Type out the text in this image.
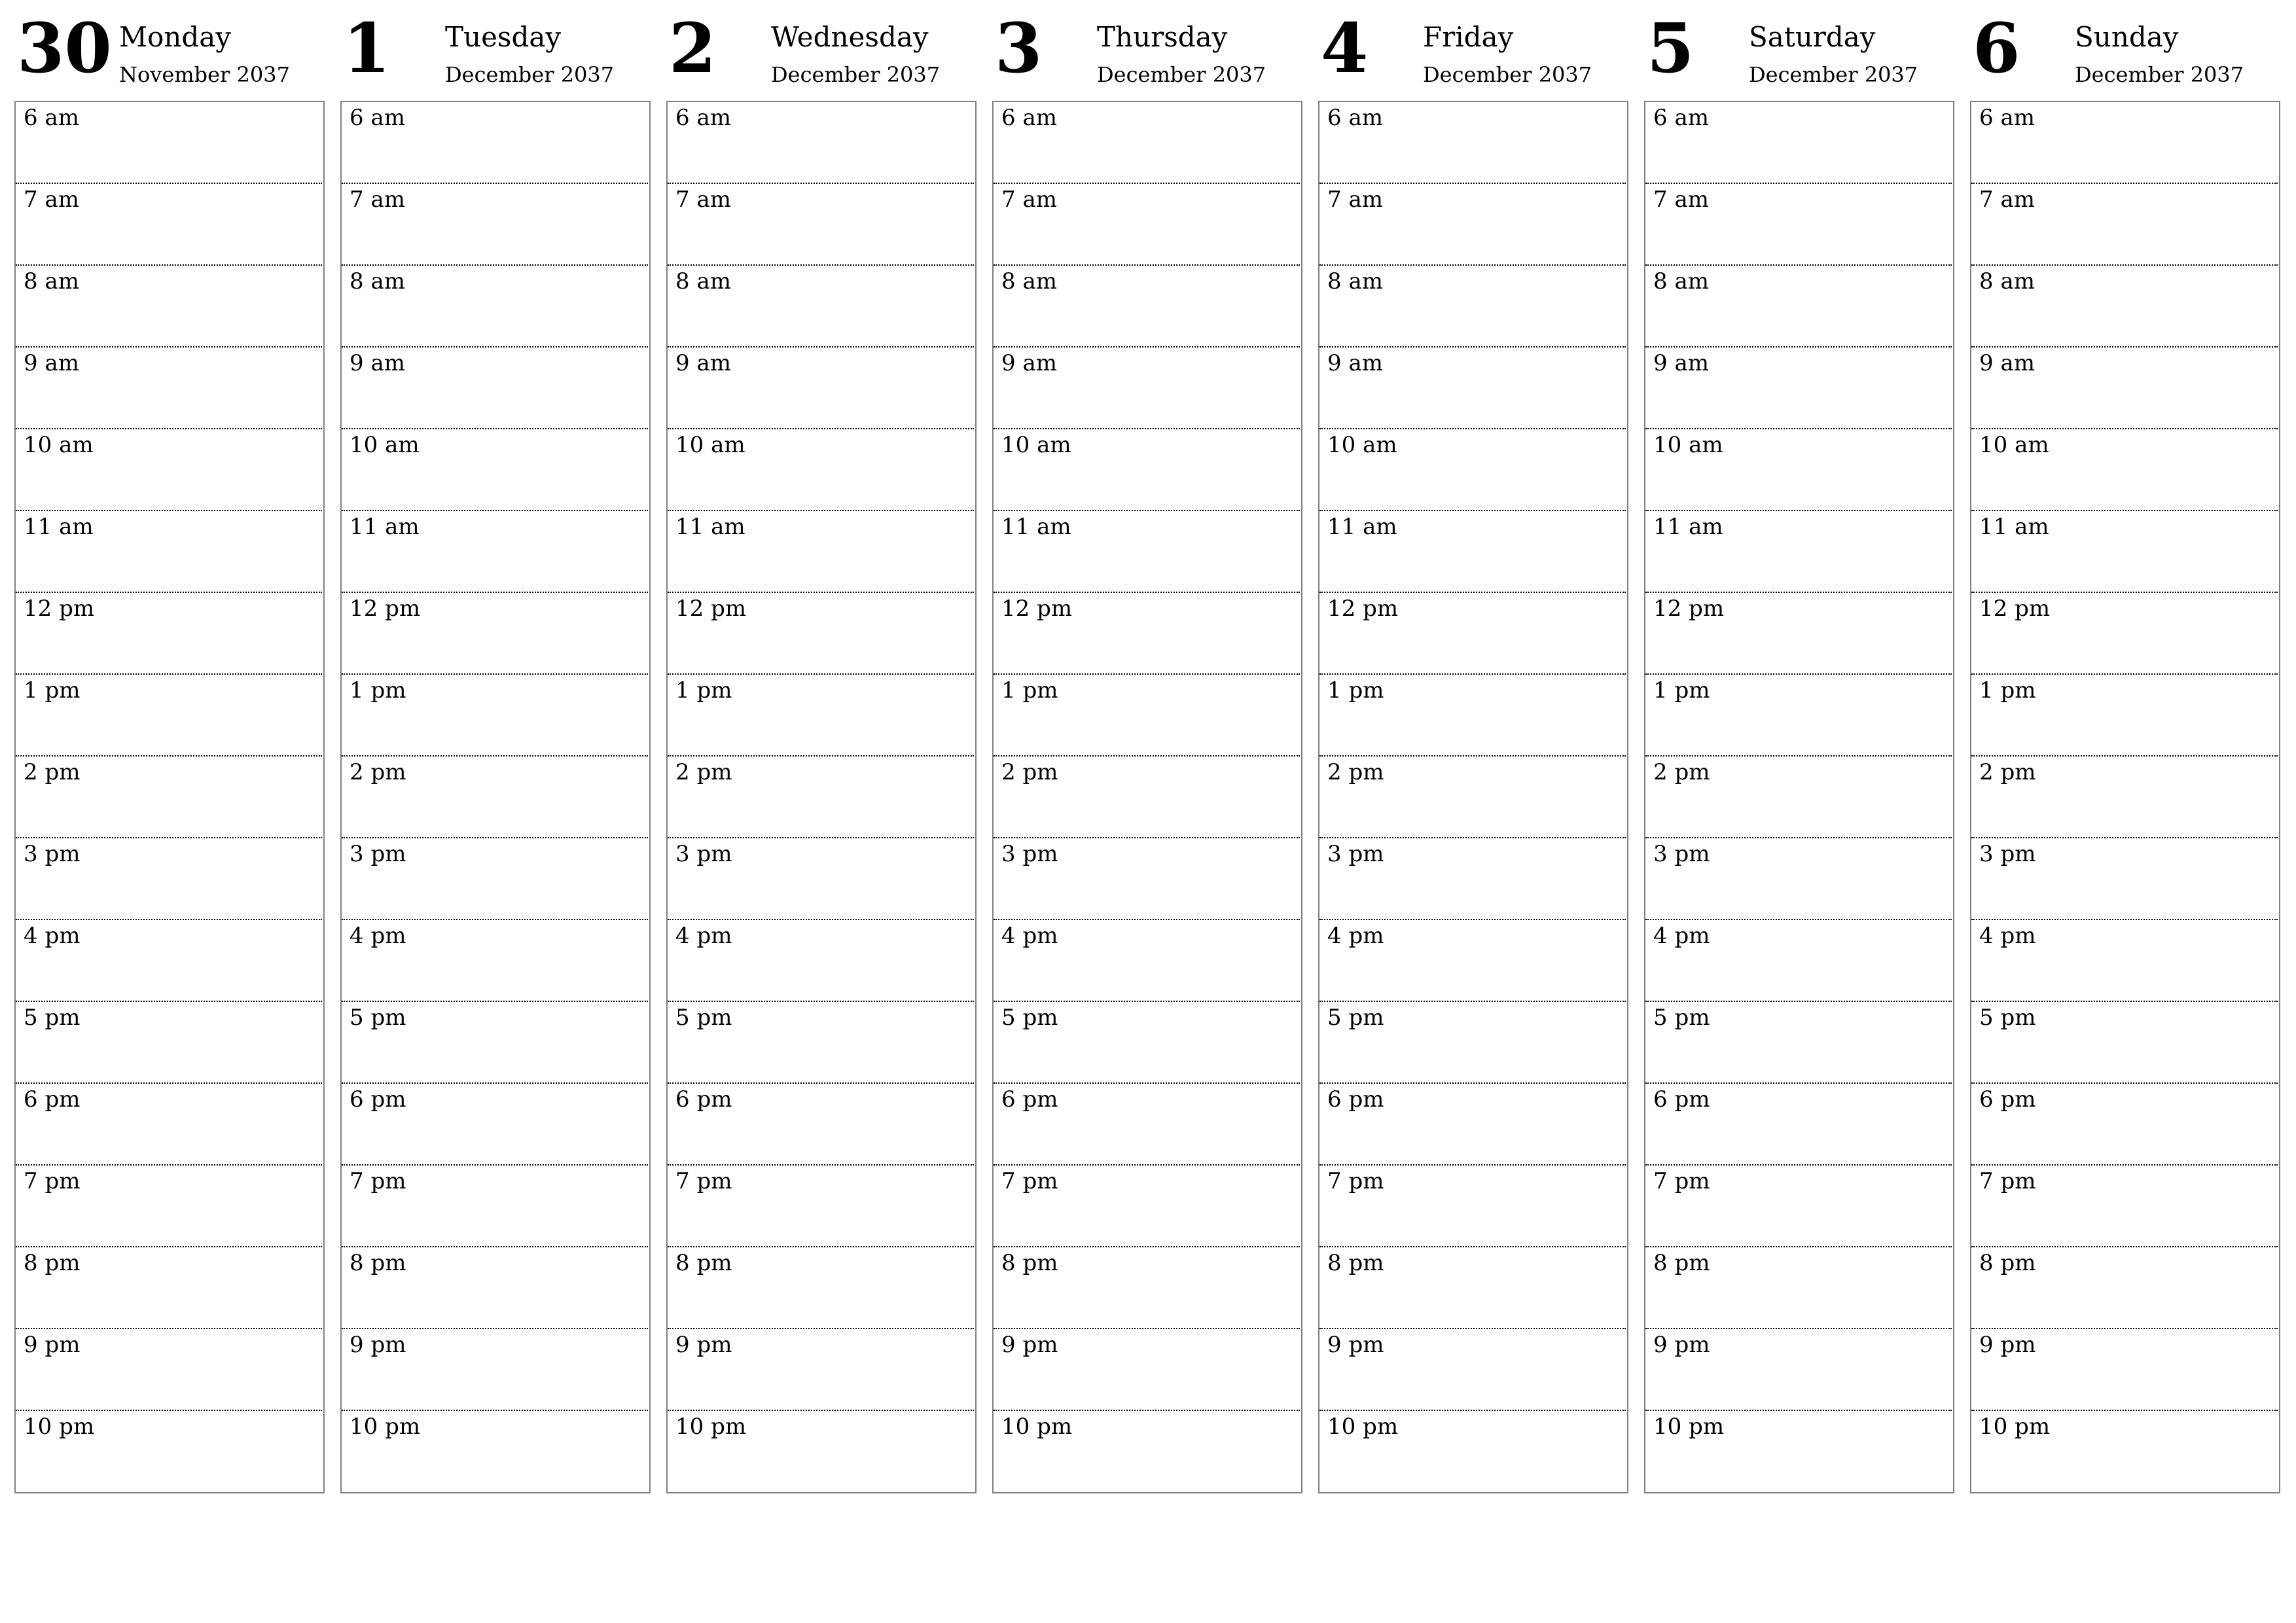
30 Monday
November 2037
6 am
7 am
8 am
9 am
10 am
11 am
12 pm
1 pm
2 pm
3 pm
4 pm
5 pm
6 pm
7 pm
8 pm
9 pm
10 pm
1 Tuesday
December 2037
6 am
7 am
8 am
9 am
10 am
11 am
12 pm
1 pm
2 pm
3 pm
4 pm
5 pm
6 pm
7 pm
8 pm
9 pm
10 pm
2 Wednesday
December 2037
6 am
7 am
8 am
9 am
10 am
11 am
12 pm
1 pm
2 pm
3 pm
4 pm
5 pm
6 pm
7 pm
8 pm
9 pm
10 pm
3 Thursday
December 2037
6 am
7 am
8 am
9 am
10 am
11 am
12 pm
1 pm
2 pm
3 pm
4 pm
5 pm
6 pm
7 pm
8 pm
9 pm
10 pm
4 Friday
December 2037
6 am
7 am
8 am
9 am
10 am
11 am
12 pm
1 pm
2 pm
3 pm
4 pm
5 pm
6 pm
7 pm
8 pm
9 pm
10 pm
5 Saturday
December 2037
6 am
7 am
8 am
9 am
10 am
11 am
12 pm
1 pm
2 pm
3 pm
4 pm
5 pm
6 pm
7 pm
8 pm
9 pm
10 pm
6 Sunday
December 2037
6 am
7 am
8 am
9 am
10 am
11 am
12 pm
1 pm
2 pm
3 pm
4 pm
5 pm
6 pm
7 pm
8 pm
9 pm
10 pm
